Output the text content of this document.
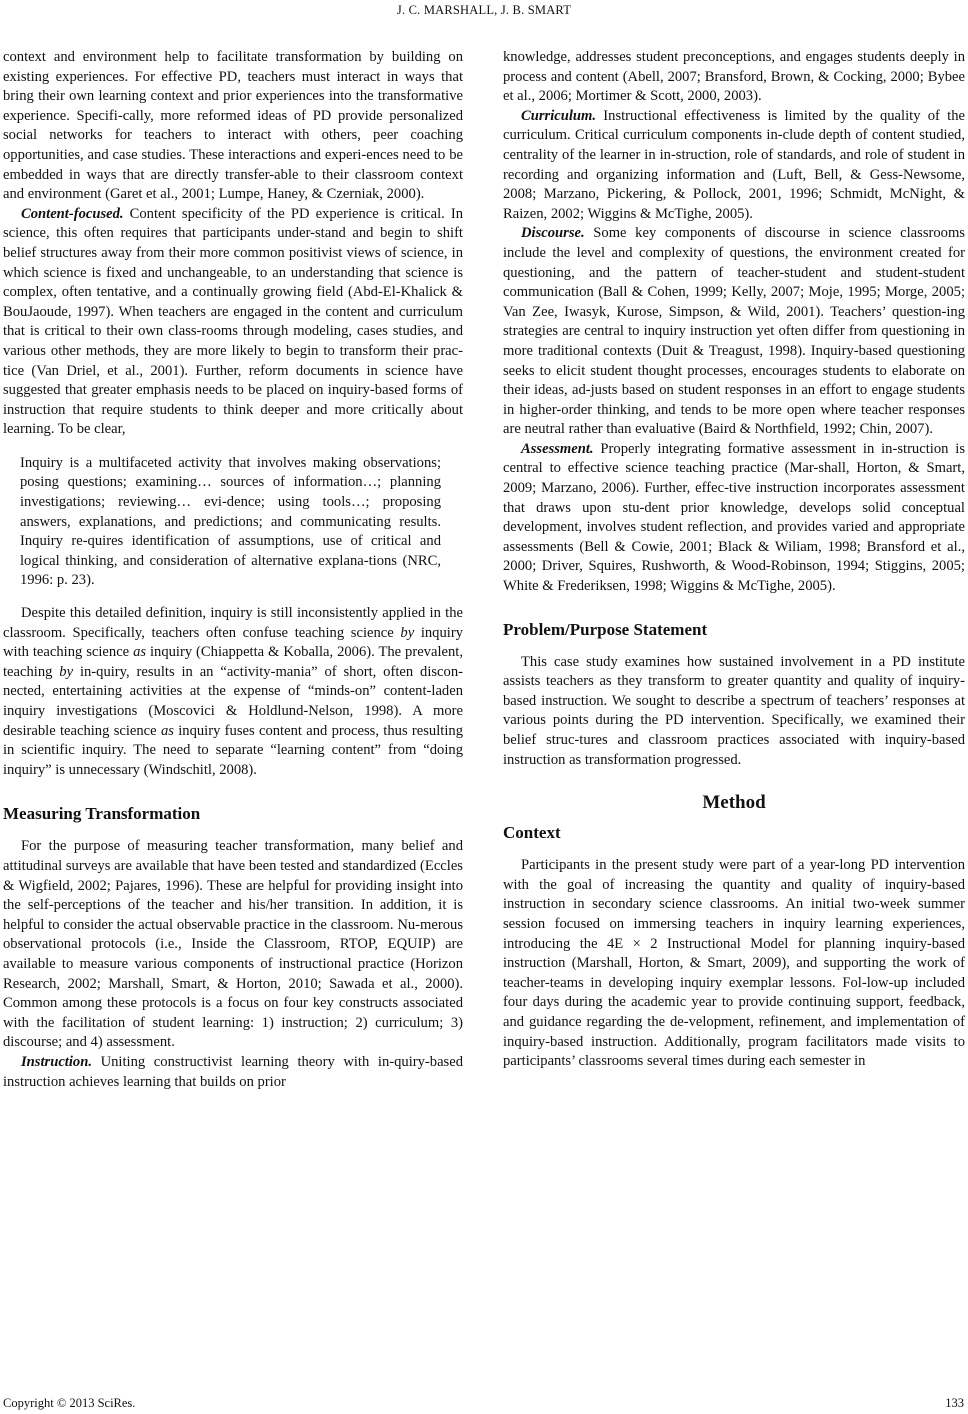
J. C. MARSHALL, J. B. SMART

context and environment help to facilitate transformation by building on existing experiences. For effective PD, teachers must interact in ways that bring their own learning context and prior experiences into the transformative experience. Specifi-cally, more reformed ideas of PD provide personalized social networks for teachers to interact with others, peer coaching opportunities, and case studies. These interactions and experi-ences need to be embedded in ways that are directly transfer-able to their classroom context and environment (Garet et al., 2001; Lumpe, Haney, & Czerniak, 2000).

Content-focused. Content specificity of the PD experience is critical. In science, this often requires that participants under-stand and begin to shift belief structures away from their more common positivist views of science, in which science is fixed and unchangeable, to an understanding that science is complex, often tentative, and a continually growing field (Abd-El-Khalick & BouJaoude, 1997). When teachers are engaged in the content and curriculum that is critical to their own class-rooms through modeling, cases studies, and various other methods, they are more likely to begin to transform their prac-tice (Van Driel, et al., 2001). Further, reform documents in science have suggested that greater emphasis needs to be placed on inquiry-based forms of instruction that require students to think deeper and more critically about learning. To be clear,

Inquiry is a multifaceted activity that involves making observations; posing questions; examining… sources of information…; planning investigations; reviewing… evi-dence; using tools…; proposing answers, explanations, and predictions; and communicating results. Inquiry re-quires identification of assumptions, use of critical and logical thinking, and consideration of alternative explana-tions (NRC, 1996: p. 23).

Despite this detailed definition, inquiry is still inconsistently applied in the classroom. Specifically, teachers often confuse teaching science by inquiry with teaching science as inquiry (Chiappetta & Koballa, 2006). The prevalent, teaching by in-quiry, results in an “activity-mania” of short, often discon-nected, entertaining activities at the expense of “minds-on” content-laden inquiry investigations (Moscovici & Holdlund-Nelson, 1998). A more desirable teaching science as inquiry fuses content and process, thus resulting in scientific inquiry. The need to separate “learning content” from “doing inquiry” is unnecessary (Windschitl, 2008).

Measuring Transformation

For the purpose of measuring teacher transformation, many belief and attitudinal surveys are available that have been tested and standardized (Eccles & Wigfield, 2002; Pajares, 1996). These are helpful for providing insight into the self-perceptions of the teacher and his/her transition. In addition, it is helpful to consider the actual observable practice in the classroom. Nu-merous observational protocols (i.e., Inside the Classroom, RTOP, EQUIP) are available to measure various components of instructional practice (Horizon Research, 2002; Marshall, Smart, & Horton, 2010; Sawada et al., 2000). Common among these protocols is a focus on four key constructs associated with the facilitation of student learning: 1) instruction; 2) curriculum; 3) discourse; and 4) assessment.

Instruction. Uniting constructivist learning theory with in-quiry-based instruction achieves learning that builds on prior

knowledge, addresses student preconceptions, and engages students deeply in process and content (Abell, 2007; Bransford, Brown, & Cocking, 2000; Bybee et al., 2006; Mortimer & Scott, 2000, 2003).

Curriculum. Instructional effectiveness is limited by the quality of the curriculum. Critical curriculum components in-clude depth of content studied, centrality of the learner in in-struction, role of standards, and role of student in recording and organizing information and (Luft, Bell, & Gess-Newsome, 2008; Marzano, Pickering, & Pollock, 2001, 1996; Schmidt, McNight, & Raizen, 2002; Wiggins & McTighe, 2005).

Discourse. Some key components of discourse in science classrooms include the level and complexity of questions, the environment created for questioning, and the pattern of teacher-student and student-student communication (Ball & Cohen, 1999; Kelly, 2007; Moje, 1995; Morge, 2005; Van Zee, Iwasyk, Kurose, Simpson, & Wild, 2001). Teachers’ question-ing strategies are central to inquiry instruction yet often differ from questioning in more traditional contexts (Duit & Treagust, 1998). Inquiry-based questioning seeks to elicit student thought processes, encourages students to elaborate on their ideas, ad-justs based on student responses in an effort to engage students in higher-order thinking, and tends to be more open where teacher responses are neutral rather than evaluative (Baird & Northfield, 1992; Chin, 2007).

Assessment. Properly integrating formative assessment in in-struction is central to effective science teaching practice (Mar-shall, Horton, & Smart, 2009; Marzano, 2006). Further, effec-tive instruction incorporates assessment that draws upon stu-dent prior knowledge, develops solid conceptual development, involves student reflection, and provides varied and appropriate assessments (Bell & Cowie, 2001; Black & Wiliam, 1998; Bransford et al., 2000; Driver, Squires, Rushworth, & Wood-Robinson, 1994; Stiggins, 2005; White & Frederiksen, 1998; Wiggins & McTighe, 2005).

Problem/Purpose Statement

This case study examines how sustained involvement in a PD institute assists teachers as they transform to greater quantity and quality of inquiry-based instruction. We sought to describe a spectrum of teachers’ responses at various points during the PD intervention. Specifically, we examined their belief struc-tures and classroom practices associated with inquiry-based instruction as transformation progressed.

Method
Context

Participants in the present study were part of a year-long PD intervention with the goal of increasing the quantity and quality of inquiry-based instruction in secondary science classrooms. An initial two-week summer session focused on immersing teachers in inquiry learning experiences, introducing the 4E × 2 Instructional Model for planning inquiry-based instruction (Marshall, Horton, & Smart, 2009), and supporting the work of teacher-teams in developing inquiry exemplar lessons. Fol-low-up included four days during the academic year to provide continuing support, feedback, and guidance regarding the de-velopment, refinement, and implementation of inquiry-based instruction. Additionally, program facilitators made visits to participants’ classrooms several times during each semester in

Copyright © 2013 SciRes.	133
